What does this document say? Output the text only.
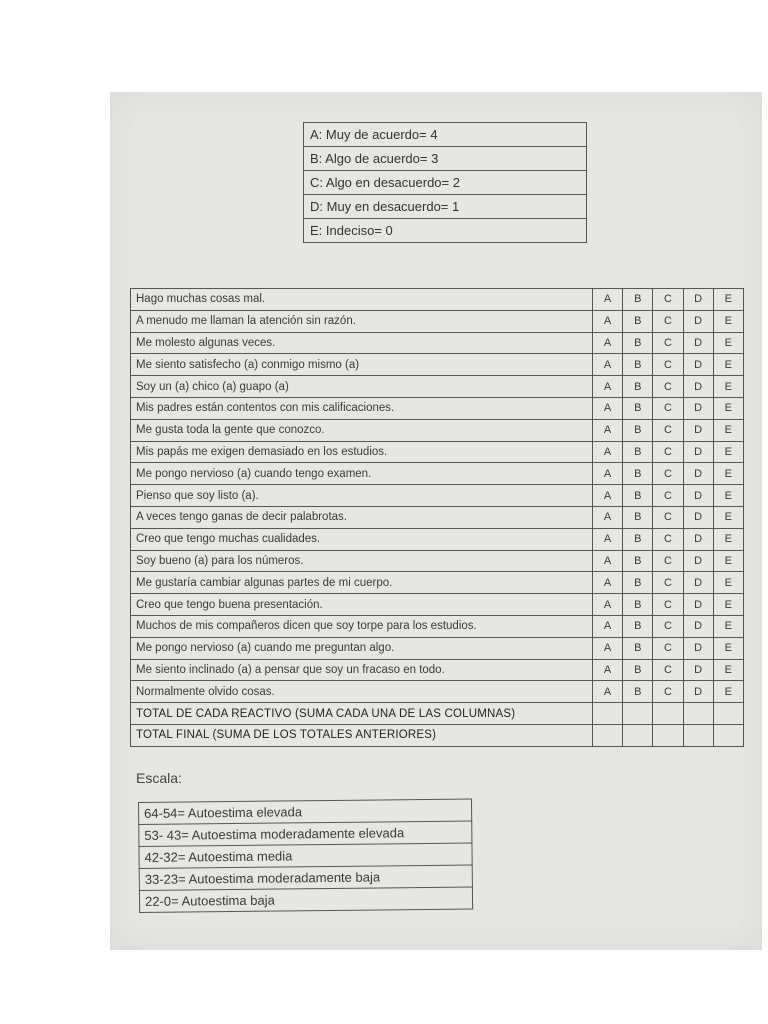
A: Muy de acuerdo= 4
B: Algo de acuerdo= 3
C: Algo en desacuerdo= 2
D: Muy en desacuerdo= 1
E: Indeciso= 0
Hago muchas cosas mal.	A	B	C	D	E
A menudo me llaman la atención sin razón.	A	B	C	D	E
Me molesto algunas veces.	A	B	C	D	E
Me siento satisfecho (a) conmigo mismo (a)	A	B	C	D	E
Soy un (a) chico (a) guapo (a)	A	B	C	D	E
Mis padres están contentos con mis calificaciones.	A	B	C	D	E
Me gusta toda la gente que conozco.	A	B	C	D	E
Mis papás me exigen demasiado en los estudios.	A	B	C	D	E
Me pongo nervioso (a) cuando tengo examen.	A	B	C	D	E
Pienso que soy listo (a).	A	B	C	D	E
A veces tengo ganas de decir palabrotas.	A	B	C	D	E
Creo que tengo muchas cualidades.	A	B	C	D	E
Soy bueno (a) para los números.	A	B	C	D	E
Me gustaría cambiar algunas partes de mi cuerpo.	A	B	C	D	E
Creo que tengo buena presentación.	A	B	C	D	E
Muchos de mis compañeros dicen que soy torpe para los estudios.	A	B	C	D	E
Me pongo nervioso (a) cuando me preguntan algo.	A	B	C	D	E
Me siento inclinado (a) a pensar que soy un fracaso en todo.	A	B	C	D	E
Normalmente olvido cosas.	A	B	C	D	E
TOTAL DE CADA REACTIVO (SUMA CADA UNA DE LAS COLUMNAS)					
TOTAL FINAL (SUMA DE LOS TOTALES ANTERIORES)					
Escala:
64-54= Autoestima elevada
53- 43= Autoestima moderadamente elevada
42-32= Autoestima media
33-23= Autoestima moderadamente baja
22-0= Autoestima baja
